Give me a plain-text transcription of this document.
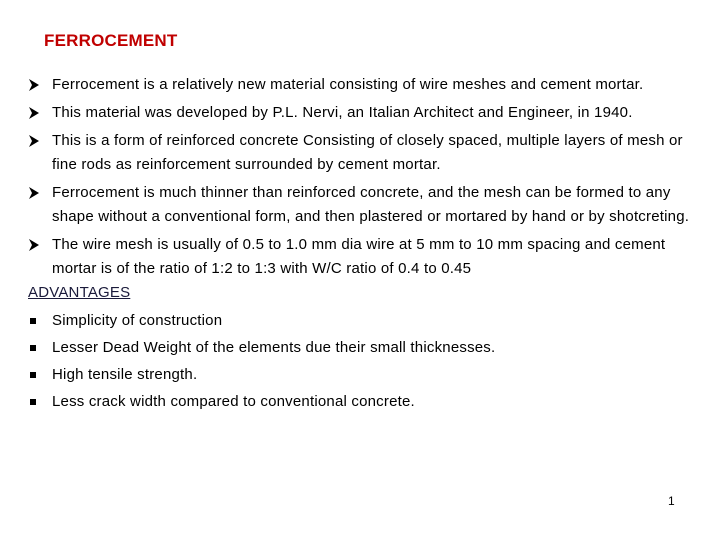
FERROCEMENT
Ferrocement is a relatively new material consisting of wire meshes and cement mortar.
This material was developed by P.L. Nervi, an Italian Architect and Engineer, in 1940.
This is a form of reinforced concrete Consisting of closely spaced, multiple layers of mesh or fine rods as reinforcement surrounded by cement mortar.
Ferrocement is much thinner than reinforced concrete, and the mesh can be formed to any shape without a conventional form, and then plastered or mortared by hand or by shotcreting.
The wire mesh is usually of 0.5 to 1.0 mm dia wire at 5 mm to 10 mm spacing and cement mortar is of the ratio of 1:2 to 1:3 with W/C ratio of 0.4 to 0.45
ADVANTAGES
Simplicity of construction
Lesser Dead Weight of the elements due their small thicknesses.
High tensile strength.
Less crack width compared to conventional concrete.
1
